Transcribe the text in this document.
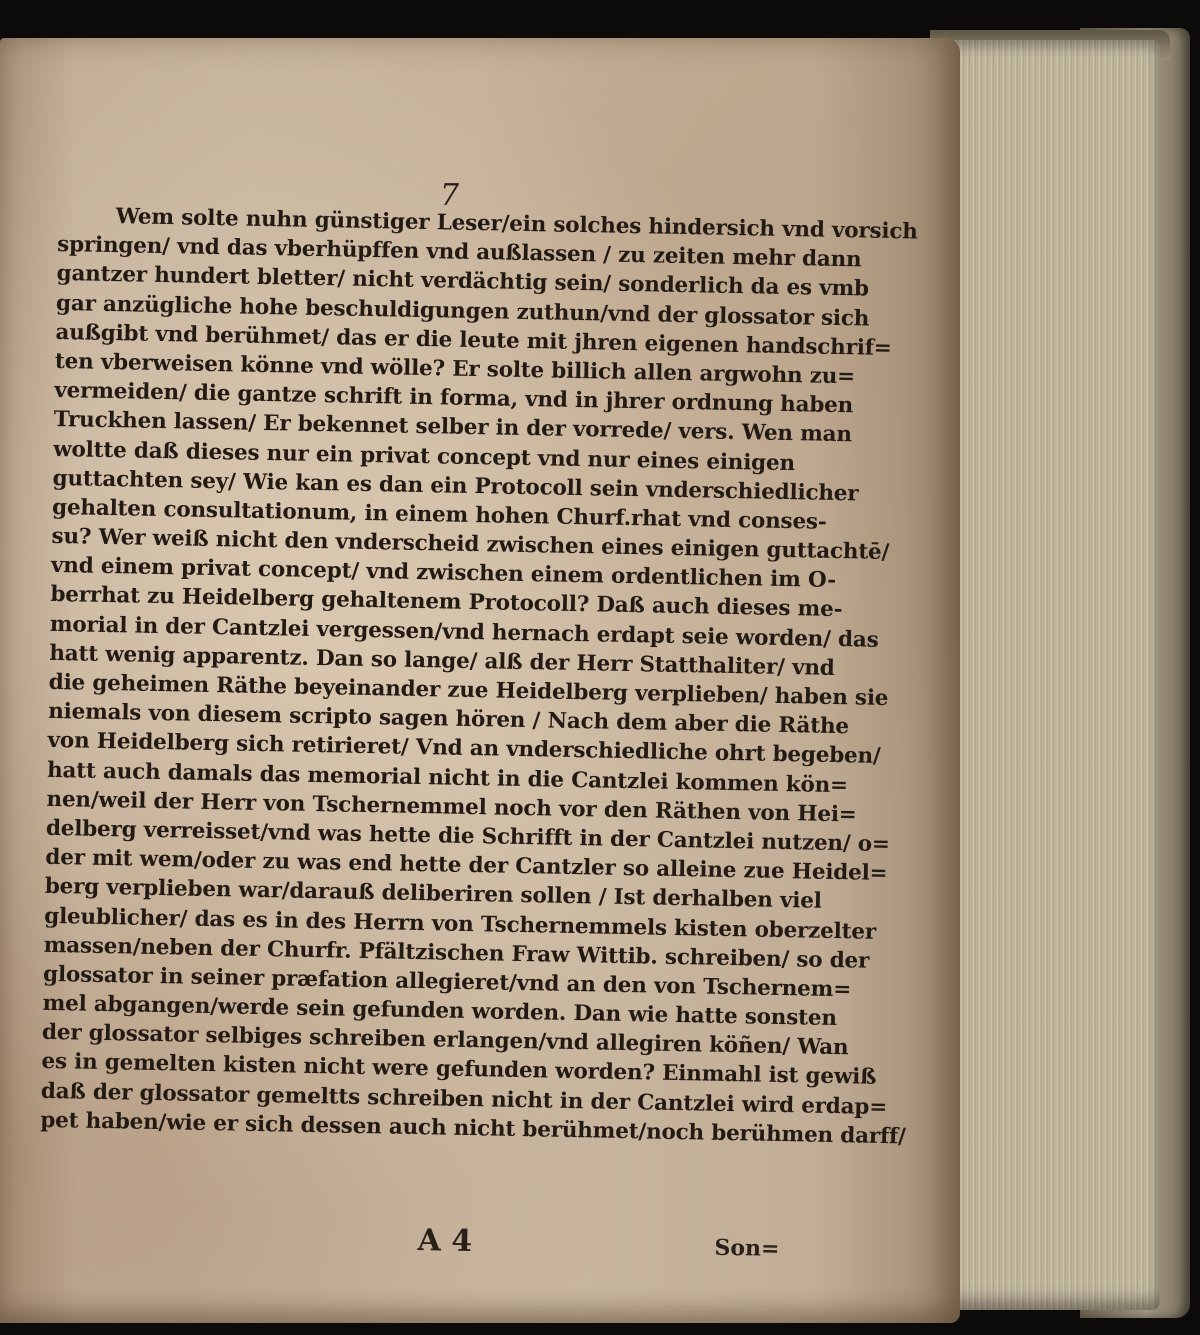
7
Wem solte nuhn günstiger Leser/ein solches hindersich vnd vorsich
springen/ vnd das vberhüpffen vnd außlassen / zu zeiten mehr dann
gantzer hundert bletter/ nicht verdächtig sein/ sonderlich da es vmb
gar anzügliche hohe beschuldigungen zuthun/vnd der glossator sich
außgibt vnd berühmet/ das er die leute mit jhren eigenen handschrif=
ten vberweisen könne vnd wölle? Er solte billich allen argwohn zu=
vermeiden/ die gantze schrift in forma, vnd in jhrer ordnung haben
Truckhen lassen/ Er bekennet selber in der vorrede/ vers. Wen man
woltte daß dieses nur ein privat concept vnd nur eines einigen
guttachten sey/ Wie kan es dan ein Protocoll sein vnderschiedlicher
gehalten consultationum, in einem hohen Churf.rhat vnd conses-
su? Wer weiß nicht den vnderscheid zwischen eines einigen guttachtē/
vnd einem privat concept/ vnd zwischen einem ordentlichen im O-
berrhat zu Heidelberg gehaltenem Protocoll? Daß auch dieses me-
morial in der Cantzlei vergessen/vnd hernach erdapt seie worden/ das
hatt wenig apparentz. Dan so lange/ alß der Herr Statthaliter/ vnd
die geheimen Räthe beyeinander zue Heidelberg verplieben/ haben sie
niemals von diesem scripto sagen hören / Nach dem aber die Räthe
von Heidelberg sich retirieret/ Vnd an vnderschiedliche ohrt begeben/
hatt auch damals das memorial nicht in die Cantzlei kommen kön=
nen/weil der Herr von Tschernemmel noch vor den Räthen von Hei=
delberg verreisset/vnd was hette die Schrifft in der Cantzlei nutzen/ o=
der mit wem/oder zu was end hette der Cantzler so alleine zue Heidel=
berg verplieben war/darauß deliberiren sollen / Ist derhalben viel
gleublicher/ das es in des Herrn von Tschernemmels kisten oberzelter
massen/neben der Churfr. Pfältzischen Fraw Wittib. schreiben/ so der
glossator in seiner præfation allegieret/vnd an den von Tschernem=
mel abgangen/werde sein gefunden worden. Dan wie hatte sonsten
der glossator selbiges schreiben erlangen/vnd allegiren köñen/ Wan
es in gemelten kisten nicht were gefunden worden? Einmahl ist gewiß
daß der glossator gemeltts schreiben nicht in der Cantzlei wird erdap=
pet haben/wie er sich dessen auch nicht berühmet/noch berühmen darff/
A 4	Son=
